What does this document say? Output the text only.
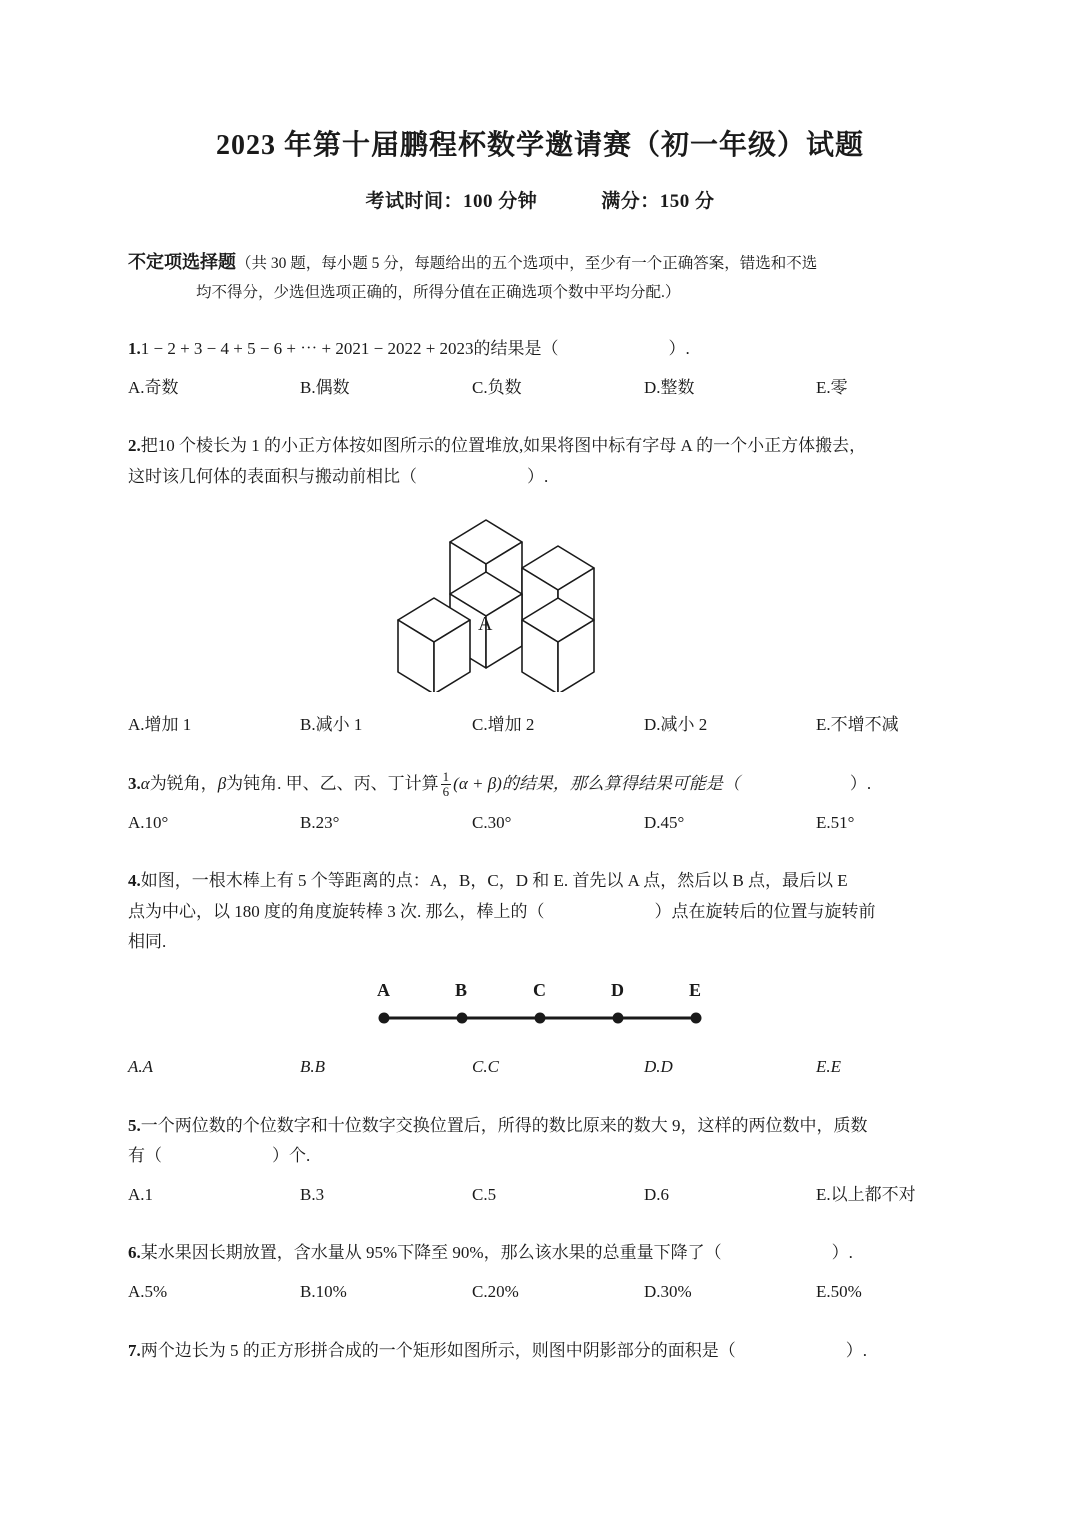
2023 年第十届鹏程杯数学邀请赛（初一年级）试题
考试时间：100 分钟	满分：150 分
不定项选择题（共 30 题，每小题 5 分，每题给出的五个选项中，至少有一个正确答案，错选和不选
均不得分，少选但选项正确的，所得分值在正确选项个数中平均分配.）
1.1 − 2 + 3 − 4 + 5 − 6 + ⋯ + 2021 − 2022 + 2023的结果是（	）.
A.奇数	B.偶数	C.负数	D.整数	E.零
2.把10 个棱长为 1 的小正方体按如图所示的位置堆放,如果将图中标有字母 A 的一个小正方体搬去，
这时该几何体的表面积与搬动前相比（	）.
A
A.增加 1	B.减小 1	C.增加 2	D.减小 2	E.不增不减
3.α为锐角，β为钝角. 甲、乙、丙、丁计算 $\frac{1}{6} (\alpha + \beta)$的结果，那么算得结果可能是（	）.
A.10°	B.23°	C.30°	D.45°	E.51°
4.如图，一根木棒上有 5 个等距离的点：A，B，C，D 和 E. 首先以 A 点，然后以 B 点，最后以 E
点为中心，以 180 度的角度旋转棒 3 次. 那么，棒上的（	）点在旋转后的位置与旋转前
相同.
A	B	C	D	E
A.A	B.B	C.C	D.D	E.E
5.一个两位数的个位数字和十位数字交换位置后，所得的数比原来的数大 9，这样的两位数中，质数
有（	）个.
A.1	B.3	C.5	D.6	E.以上都不对
6.某水果因长期放置，含水量从 95%下降至 90%，那么该水果的总重量下降了（	）.
A.5%	B.10%	C.20%	D.30%	E.50%
7.两个边长为 5 的正方形拼合成的一个矩形如图所示，则图中阴影部分的面积是（	）.
